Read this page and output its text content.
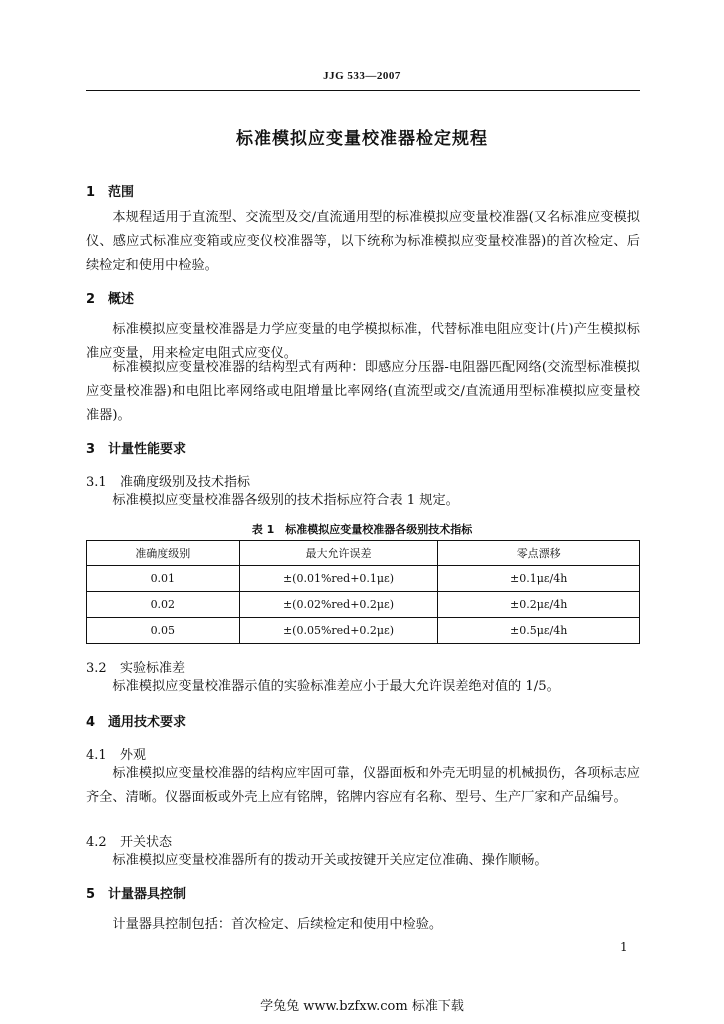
JJG 533—2007
标准模拟应变量校准器检定规程
1 范围
本规程适用于直流型、交流型及交/直流通用型的标准模拟应变量校准器(又名标准应变模拟仪、感应式标准应变箱或应变仪校准器等，以下统称为标准模拟应变量校准器)的首次检定、后续检定和使用中检验。
2 概述
标准模拟应变量校准器是力学应变量的电学模拟标准，代替标准电阻应变计(片)产生模拟标准应变量，用来检定电阻式应变仪。
标准模拟应变量校准器的结构型式有两种：即感应分压器-电阻器匹配网络(交流型标准模拟应变量校准器)和电阻比率网络或电阻增量比率网络(直流型或交/直流通用型标准模拟应变量校准器)。
3 计量性能要求
3.1 准确度级别及技术指标
标准模拟应变量校准器各级别的技术指标应符合表 1 规定。
表 1　标准模拟应变量校准器各级别技术指标
准确度级别	最大允许误差	零点漂移
0.01	±(0.01%red+0.1με)	±0.1με/4h
0.02	±(0.02%red+0.2με)	±0.2με/4h
0.05	±(0.05%red+0.2με)	±0.5με/4h
3.2 实验标准差
标准模拟应变量校准器示值的实验标准差应小于最大允许误差绝对值的 1/5。
4 通用技术要求
4.1 外观
标准模拟应变量校准器的结构应牢固可靠，仪器面板和外壳无明显的机械损伤，各项标志应齐全、清晰。仪器面板或外壳上应有铭牌，铭牌内容应有名称、型号、生产厂家和产品编号。
4.2 开关状态
标准模拟应变量校准器所有的拨动开关或按键开关应定位准确、操作顺畅。
5 计量器具控制
计量器具控制包括：首次检定、后续检定和使用中检验。
1
学兔兔 www.bzfxw.com 标准下载
